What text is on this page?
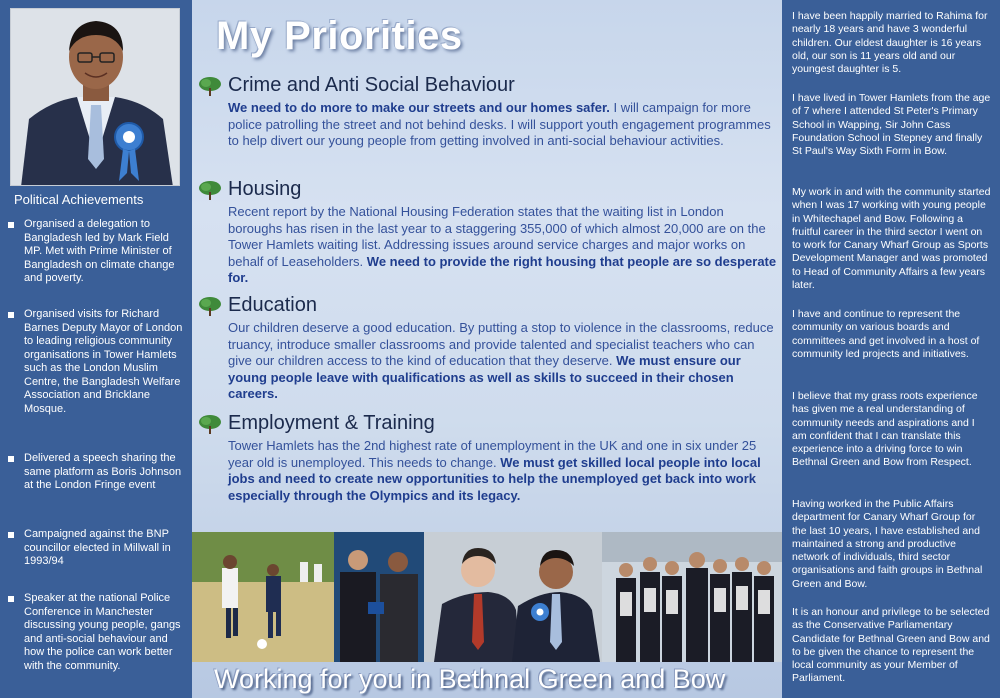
Political Achievements
Organised a delegation to Bangladesh led by Mark Field MP. Met with Prime Minister of Bangladesh on climate change and poverty.
Organised visits for Richard Barnes Deputy Mayor of London to leading religious community organisations in Tower Hamlets such as the London Muslim Centre, the Bangladesh Welfare Association and Bricklane Mosque.
Delivered a speech sharing the same platform as Boris Johnson at the London Fringe event
Campaigned against the BNP councillor elected in Millwall in 1993/94
Speaker at the national Police Conference in Manchester discussing young people, gangs and anti-social behaviour and how the police can work better with the community.
My Priorities
Crime and Anti Social Behaviour
We need to do more to make our streets and our homes safer. I will campaign for more police patrolling the street and not behind desks. I will support youth engagement programmes to help divert our young people from getting involved in anti-social behaviour activities.
Housing
Recent report by the National Housing Federation states that the waiting list in London boroughs has risen in the last year to a staggering 355,000 of which almost 20,000 are on the Tower Hamlets waiting list. Addressing issues around service charges and major works on behalf of Leaseholders. We need to provide the right housing that people are so desperate for.
Education
Our children deserve a good education. By putting a stop to violence in the classrooms, reduce truancy, introduce smaller classrooms and provide talented and specialist teachers who can give our children access to the kind of education that they deserve. We must ensure our young people leave with qualifications as well as skills to succeed in their chosen careers.
Employment & Training
Tower Hamlets has the 2nd highest rate of unemployment in the UK and one in six under 25 year old is unemployed. This needs to change. We must get skilled local people into local jobs and need to create new opportunities to help the unemployed get back into work especially through the Olympics and its legacy.
Working for you in Bethnal Green and Bow
I have been happily married to Rahima for nearly 18 years and have 3 wonderful children. Our eldest daughter is 16 years old, our son is 11 years old and our youngest daughter is 5.
I have lived in Tower Hamlets from the age of 7 where I attended St Peter's Primary School in Wapping, Sir John Cass Foundation School in Stepney and finally St Paul's Way Sixth Form in Bow.
My work in and with the community started when I was 17 working with young people in Whitechapel and Bow. Following a fruitful career in the third sector I went on to work for Canary Wharf Group as Sports Development Manager and was promoted to Head of Community Affairs a few years later.
I have and continue to represent the community on various boards and committees and get involved in a host of community led projects and initiatives.
I believe that my grass roots experience has given me a real understanding of community needs and aspirations and I am confident that I can translate this experience into a driving force to win Bethnal Green and Bow from Respect.
Having worked in the Public Affairs department for Canary Wharf Group for the last 10 years, I have established and maintained a strong and productive network of individuals, third sector organisations and faith groups in Bethnal Green and Bow.
It is an honour and privilege to be selected as the Conservative Parliamentary Candidate for Bethnal Green and Bow and to be given the chance to represent the local community as your Member of Parliament.
